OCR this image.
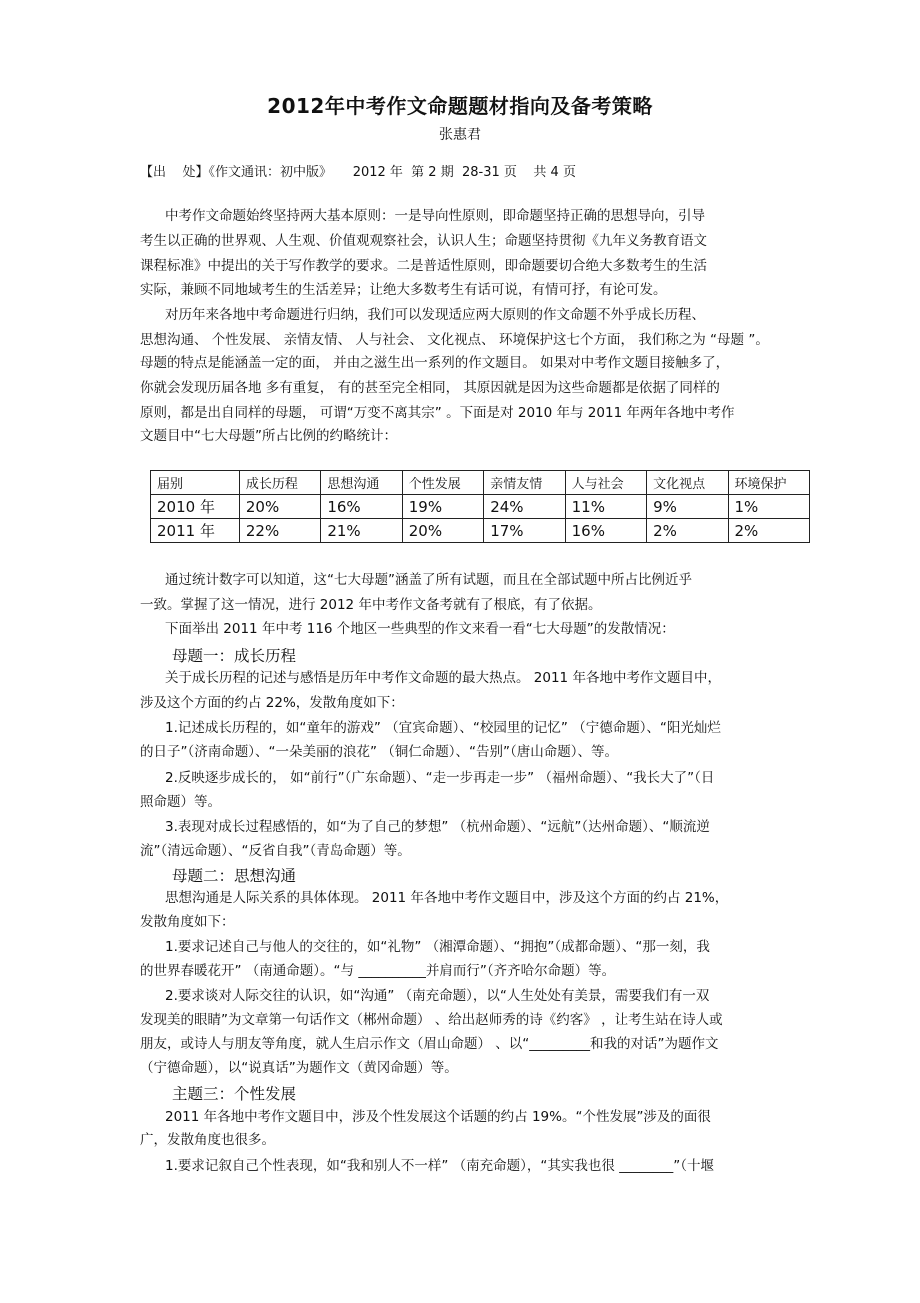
2012年中考作文命题题材指向及备考策略
张惠君
【出    处】《作文通讯：初中版》     2012 年  第 2 期  28-31 页    共 4 页
中考作文命题始终坚持两大基本原则：一是导向性原则，即命题坚持正确的思想导向，引导
考生以正确的世界观、人生观、价值观观察社会，认识人生；命题坚持贯彻《九年义务教育语文
课程标准》中提出的关于写作教学的要求。二是普适性原则，即命题要切合绝大多数考生的生活
实际，兼顾不同地域考生的生活差异；让绝大多数考生有话可说，有情可抒，有论可发。
对历年来各地中考命题进行归纳，我们可以发现适应两大原则的作文命题不外乎成长历程、
思想沟通、 个性发展、 亲情友情、 人与社会、 文化视点、 环境保护这七个方面， 我们称之为 “母题 ”。
母题的特点是能涵盖一定的面， 并由之滋生出一系列的作文题目。 如果对中考作文题目接触多了，
你就会发现历届各地 多有重复， 有的甚至完全相同， 其原因就是因为这些命题都是依据了同样的
原则，都是出自同样的母题， 可谓“万变不离其宗” 。下面是对 2010 年与 2011 年两年各地中考作
文题目中“七大母题”所占比例的约略统计：
届别	成长历程	思想沟通	个性发展	亲情友情	人与社会	文化视点	环境保护
2010 年	20%	16%	19%	24%	11%	9%	1%
2011 年	22%	21%	20%	17%	16%	2%	2%
通过统计数字可以知道，这“七大母题”涵盖了所有试题，而且在全部试题中所占比例近乎
一致。掌握了这一情况，进行 2012 年中考作文备考就有了根底，有了依据。
下面举出 2011 年中考 116 个地区一些典型的作文来看一看“七大母题”的发散情况：
母题一：成长历程
关于成长历程的记述与感悟是历年中考作文命题的最大热点。 2011 年各地中考作文题目中，
涉及这个方面的约占 22%，发散角度如下：
1.记述成长历程的，如“童年的游戏” （宜宾命题）、“校园里的记忆” （宁德命题）、“阳光灿烂
的日子”（济南命题）、“一朵美丽的浪花” （铜仁命题）、“告别”（唐山命题）、等。
2.反映逐步成长的， 如“前行”（广东命题）、“走一步再走一步” （福州命题）、“我长大了”（日
照命题）等。
3.表现对成长过程感悟的，如“为了自己的梦想” （杭州命题）、“远航”（达州命题）、“顺流逆
流”（清远命题）、“反省自我”（青岛命题）等。
母题二：思想沟通
思想沟通是人际关系的具体体现。 2011 年各地中考作文题目中，涉及这个方面的约占 21%，
发散角度如下：
1.要求记述自己与他人的交往的，如“礼物” （湘潭命题）、“拥抱”（成都命题）、“那一刻，我
的世界春暖花开” （南通命题）。“与 __________并肩而行”（齐齐哈尔命题）等。
2.要求谈对人际交往的认识，如“沟通” （南充命题），以“人生处处有美景，需要我们有一双
发现美的眼睛”为文章第一句话作文（郴州命题） 、给出赵师秀的诗《约客》 ，让考生站在诗人或
朋友，或诗人与朋友等角度，就人生启示作文（眉山命题） 、以“_________和我的对话”为题作文
（宁德命题），以“说真话”为题作文（黄冈命题）等。
主题三：个性发展
2011 年各地中考作文题目中，涉及个性发展这个话题的约占 19%。“个性发展”涉及的面很
广，发散角度也很多。
1.要求记叙自己个性表现，如“我和别人不一样” （南充命题），“其实我也很 ________”（十堰
